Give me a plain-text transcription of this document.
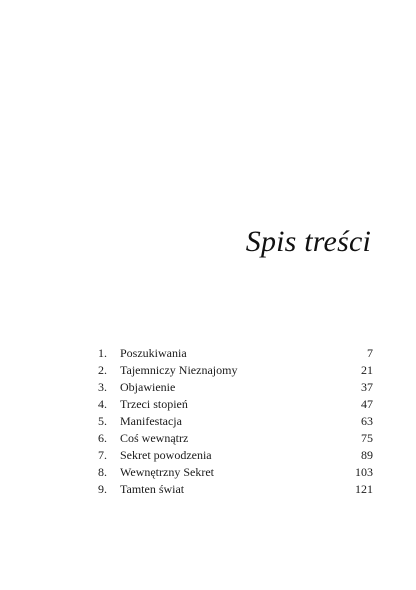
Spis treści
1.	Poszukiwania	7
2.	Tajemniczy Nieznajomy	21
3.	Objawienie	37
4.	Trzeci stopień	47
5.	Manifestacja	63
6.	Coś wewnątrz	75
7.	Sekret powodzenia	89
8.	Wewnętrzny Sekret	103
9.	Tamten świat	121
